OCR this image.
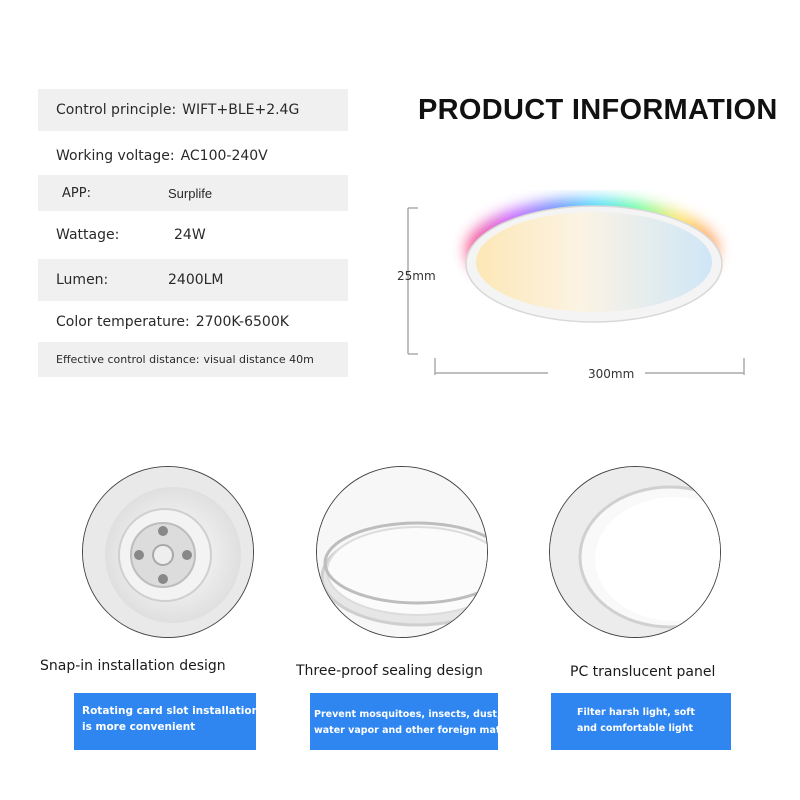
Control principle: WIFT+BLE+2.4G
Working voltage: AC100-240V
APP:	Surplife
Wattage:	24W
Lumen:	2400LM
Color temperature: 2700K-6500K
Effective control distance: visual distance 40m
PRODUCT INFORMATION
25mm
300mm
Snap-in installation design	Three-proof sealing design	PC translucent panel
Rotating card slot installation
is more convenient
Prevent mosquitoes, insects, dust,
water vapor and other foreign matter
Filter harsh light, soft
and comfortable light
